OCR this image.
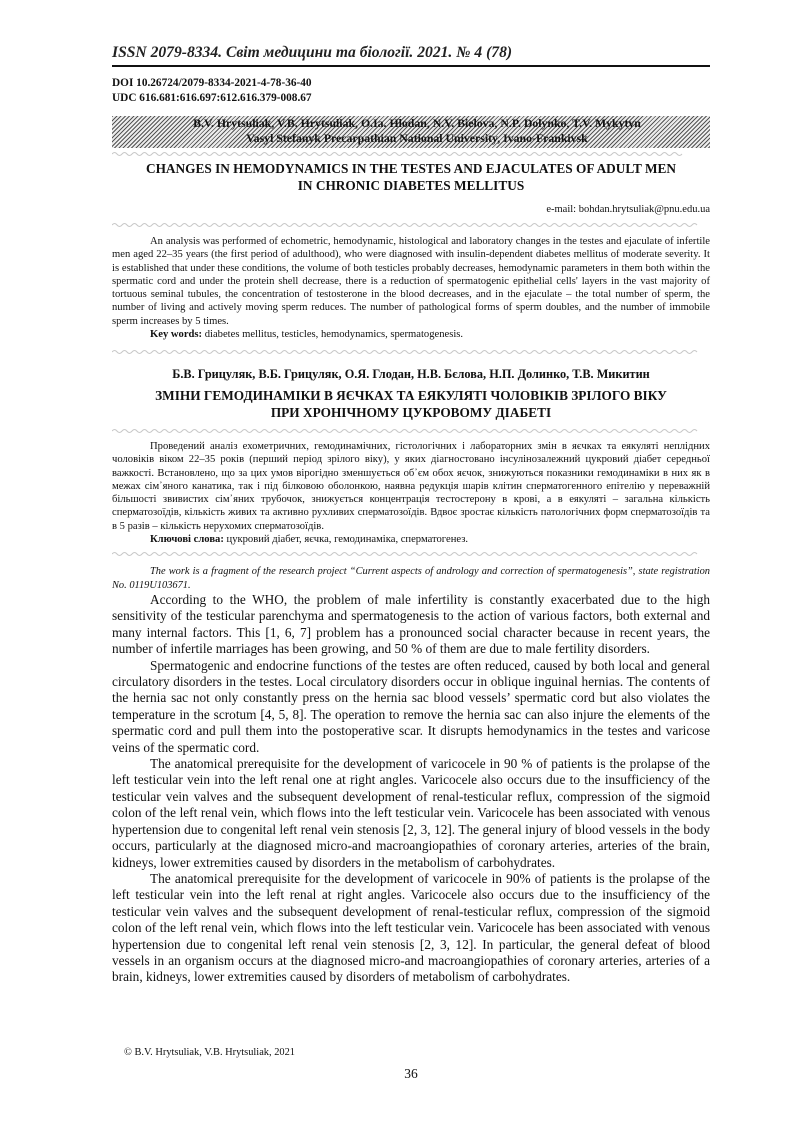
ISSN 2079-8334. Світ медицини та біології. 2021. № 4 (78)
DOI 10.26724/2079-8334-2021-4-78-36-40
UDC 616.681:616.697:612.616.379-008.67
B.V. Hrytsuliak, V.B. Hrytsuliak, O.Ia. Hlodan, N.V. Bielova, N.P. Dolynko, T.V. Mykytyn
Vasyl Stefanyk Precarpathian National University, Ivano-Frankivsk
CHANGES IN HEMODYNAMICS IN THE TESTES AND EJACULATES OF ADULT MEN
IN CHRONIC DIABETES MELLITUS
e-mail: bohdan.hrytsuliak@pnu.edu.ua

An analysis was performed of echometric, hemodynamic, histological and laboratory changes in the testes and ejaculate of infertile men aged 22–35 years (the first period of adulthood), who were diagnosed with insulin-dependent diabetes mellitus of moderate severity. It is established that under these conditions, the volume of both testicles probably decreases, hemodynamic parameters in them both within the spermatic cord and under the protein shell decrease, there is a reduction of spermatogenic epithelial cells' layers in the vast majority of tortuous seminal tubules, the concentration of testosterone in the blood decreases, and in the ejaculate – the total number of sperm, the number of living and actively moving sperm reduces. The number of pathological forms of sperm doubles, and the number of immobile sperm increases by 5 times.

Key words: diabetes mellitus, testicles, hemodynamics, spermatogenesis.

Б.В. Грицуляк, В.Б. Грицуляк, О.Я. Глодан, Н.В. Бєлова, Н.П. Долинко, Т.В. Микитин
ЗМІНИ ГЕМОДИНАМІКИ В ЯЄЧКАХ ТА ЕЯКУЛЯТІ ЧОЛОВІКІВ ЗРІЛОГО ВІКУ
ПРИ ХРОНІЧНОМУ ЦУКРОВОМУ ДІАБЕТІ

Проведений аналіз ехометричних, гемодинамічних, гістологічних і лабораторних змін в яєчках та еякуляті неплідних чоловіків віком 22–35 років (перший період зрілого віку), у яких діагностовано інсулінозалежний цукровий діабет середньої важкості. Встановлено, що за цих умов вірогідно зменшується об᾽єм обох яєчок, знижуються показники гемодинаміки в них як в межах сім᾽яного канатика, так і під білковою оболонкою, наявна редукція шарів клітин сперматогенного епітелію у переважній більшості звивистих сім᾽яних трубочок, знижується концентрація тестостерону в крові, а в еякуляті – загальна кількість сперматозоїдів, кількість живих та активно рухливих сперматозоїдів. Вдвоє зростає кількість патологічних форм сперматозоїдів та в 5 разів – кількість нерухомих сперматозоїдів.

Ключові слова: цукровий діабет, яєчка, гемодинаміка, сперматогенез.

The work is a fragment of the research project “Current aspects of andrology and correction of spermatogenesis”, state registration No. 0119U103671.

According to the WHO, the problem of male infertility is constantly exacerbated due to the high sensitivity of the testicular parenchyma and spermatogenesis to the action of various factors, both external and many internal factors. This [1, 6, 7] problem has a pronounced social character because in recent years, the number of infertile marriages has been growing, and 50 % of them are due to male fertility disorders.

Spermatogenic and endocrine functions of the testes are often reduced, caused by both local and general circulatory disorders in the testes. Local circulatory disorders occur in oblique inguinal hernias. The contents of the hernia sac not only constantly press on the hernia sac blood vessels’ spermatic cord but also violates the temperature in the scrotum [4, 5, 8]. The operation to remove the hernia sac can also injure the elements of the spermatic cord and pull them into the postoperative scar. It disrupts hemodynamics in the testes and varicose veins of the spermatic cord.

The anatomical prerequisite for the development of varicocele in 90 % of patients is the prolapse of the left testicular vein into the left renal one at right angles. Varicocele also occurs due to the insufficiency of the testicular vein valves and the subsequent development of renal-testicular reflux, compression of the sigmoid colon of the left renal vein, which flows into the left testicular vein. Varicocele has been associated with venous hypertension due to congenital left renal vein stenosis [2, 3, 12]. The general injury of blood vessels in the body occurs, particularly at the diagnosed micro-and macroangiopathies of coronary arteries, arteries of the brain, kidneys, lower extremities caused by disorders in the metabolism of carbohydrates.

The anatomical prerequisite for the development of varicocele in 90% of patients is the prolapse of the left testicular vein into the left renal at right angles. Varicocele also occurs due to the insufficiency of the testicular vein valves and the subsequent development of renal-testicular reflux, compression of the sigmoid colon of the left renal vein, which flows into the left testicular vein. Varicocele has been associated with venous hypertension due to congenital left renal vein stenosis [2, 3, 12]. In particular, the general defeat of blood vessels in an organism occurs at the diagnosed micro-and macroangiopathies of coronary arteries, arteries of a brain, kidneys, lower extremities caused by disorders of metabolism of carbohydrates.

© B.V. Hrytsuliak, V.B. Hrytsuliak, 2021
36
